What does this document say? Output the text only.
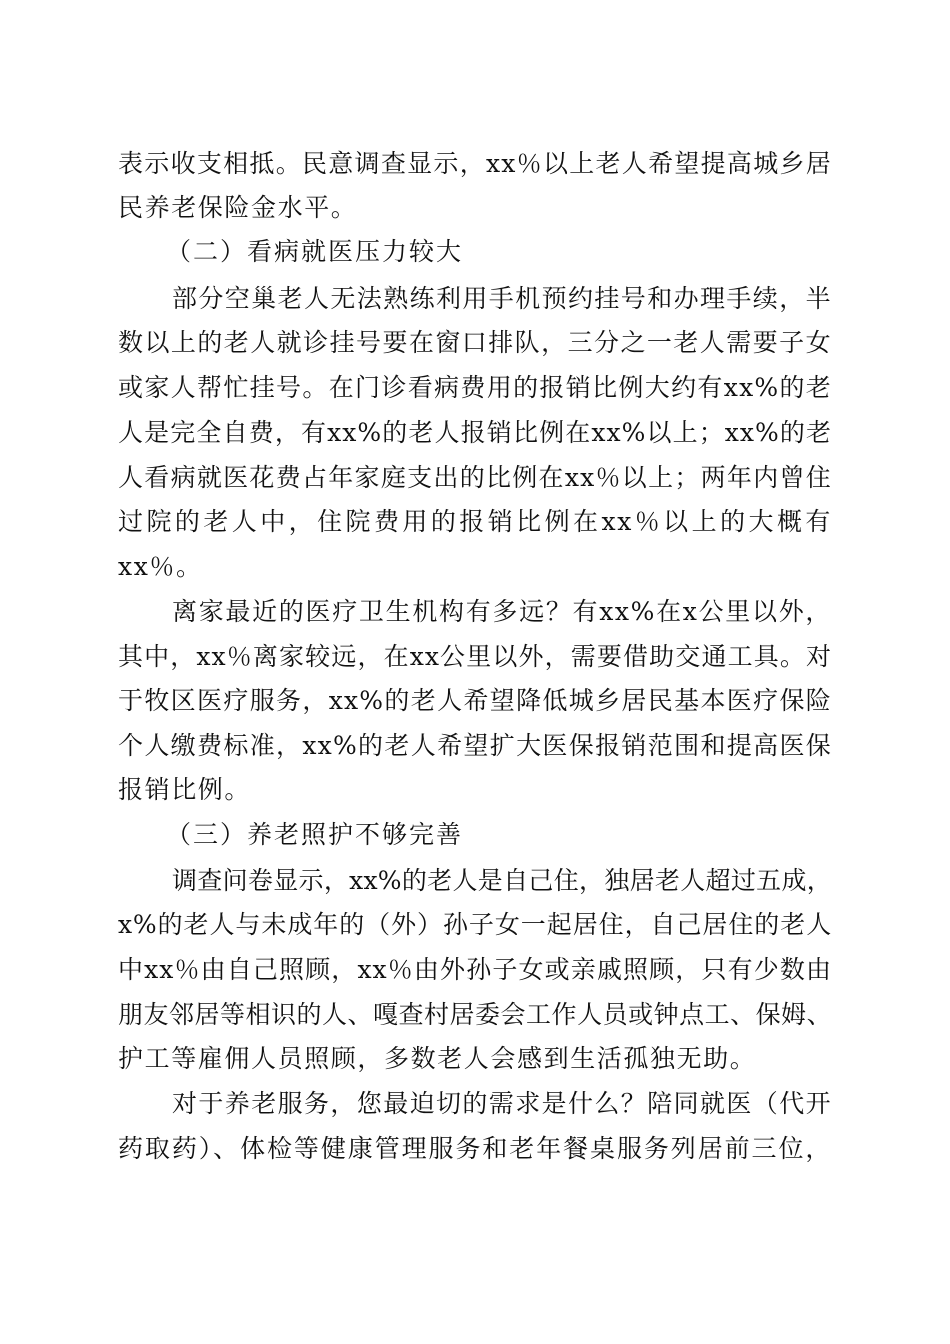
表示收支相抵。民意调查显示，xx％以上老人希望提高城乡居
民养老保险金水平。
（二）看病就医压力较大
部分空巢老人无法熟练利用手机预约挂号和办理手续，半
数以上的老人就诊挂号要在窗口排队，三分之一老人需要子女
或家人帮忙挂号。在门诊看病费用的报销比例大约有xx%的老
人是完全自费，有xx%的老人报销比例在xx%以上；xx%的老
人看病就医花费占年家庭支出的比例在xx％以上；两年内曾住
过院的老人中，住院费用的报销比例在xx％以上的大概有
xx％。
离家最近的医疗卫生机构有多远？有xx%在x公里以外，
其中，xx％离家较远，在xx公里以外，需要借助交通工具。对
于牧区医疗服务，xx%的老人希望降低城乡居民基本医疗保险
个人缴费标准，xx%的老人希望扩大医保报销范围和提高医保
报销比例。
（三）养老照护不够完善
调查问卷显示，xx%的老人是自己住，独居老人超过五成，
x%的老人与未成年的（外）孙子女一起居住，自己居住的老人
中xx％由自己照顾，xx％由外孙子女或亲戚照顾，只有少数由
朋友邻居等相识的人、嘎查村居委会工作人员或钟点工、保姆、
护工等雇佣人员照顾，多数老人会感到生活孤独无助。
对于养老服务，您最迫切的需求是什么？陪同就医（代开
药取药）、体检等健康管理服务和老年餐桌服务列居前三位，
